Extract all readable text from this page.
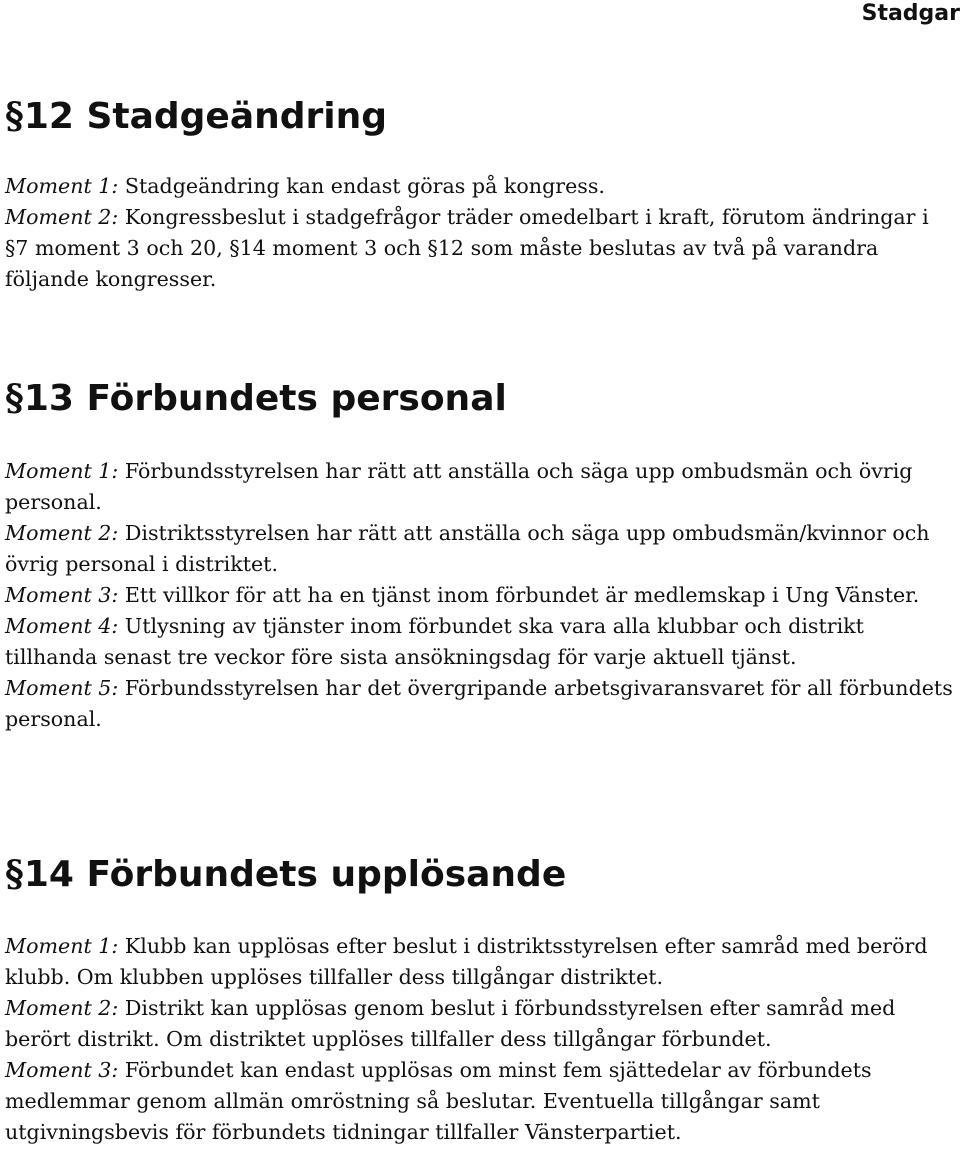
Stadgar
§12 Stadgeändring

Moment 1: Stadgeändring kan endast göras på kongress.

Moment 2: Kongressbeslut i stadgefrågor träder omedelbart i kraft, förutom ändringar i §7 moment 3 och 20, §14 moment 3 och §12 som måste beslutas av två på varandra följande kongresser.

§13 Förbundets personal

Moment 1: Förbundsstyrelsen har rätt att anställa och säga upp ombudsmän och övrig personal.

Moment 2: Distriktsstyrelsen har rätt att anställa och säga upp ombudsmän/kvinnor och övrig personal i distriktet.

Moment 3: Ett villkor för att ha en tjänst inom förbundet är medlemskap i Ung Vänster.

Moment 4: Utlysning av tjänster inom förbundet ska vara alla klubbar och distrikt tillhanda senast tre veckor före sista ansökningsdag för varje aktuell tjänst.

Moment 5: Förbundsstyrelsen har det övergripande arbetsgivaransvaret för all förbundets personal.

§14 Förbundets upplösande

Moment 1: Klubb kan upplösas efter beslut i distriktsstyrelsen efter samråd med berörd klubb. Om klubben upplöses tillfaller dess tillgångar distriktet.

Moment 2: Distrikt kan upplösas genom beslut i förbundsstyrelsen efter samråd med berört distrikt. Om distriktet upplöses tillfaller dess tillgångar förbundet.

Moment 3: Förbundet kan endast upplösas om minst fem sjättedelar av förbundets medlemmar genom allmän omröstning så beslutar. Eventuella tillgångar samt utgivningsbevis för förbundets tidningar tillfaller Vänsterpartiet.
